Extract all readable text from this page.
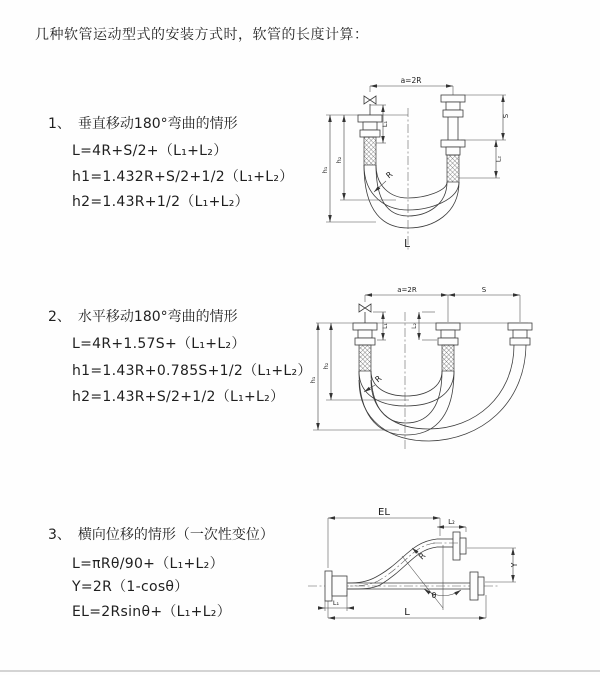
几种软管运动型式的安装方式时，软管的长度计算：
1、 垂直移动180°弯曲的情形
L=4R+S/2+（L₁+L₂）
h1=1.432R+S/2+1/2（L₁+L₂）
h2=1.43R+1/2（L₁+L₂）
2、 水平移动180°弯曲的情形
L=4R+1.57S+（L₁+L₂）
h1=1.43R+0.785S+1/2（L₁+L₂）
h2=1.43R+S/2+1/2（L₁+L₂）
3、 横向位移的情形（一次性变位）
L=πRθ/90+（L₁+L₂）
Y=2R（1-cosθ）
EL=2Rsinθ+（L₁+L₂）
a=2R
L₁
S
L₂
h₁
h₂
R
L
a=2R	S
L₁	L₂
h₁
h₂
R
EL
L₂
Y
θ
R
L
L₁
